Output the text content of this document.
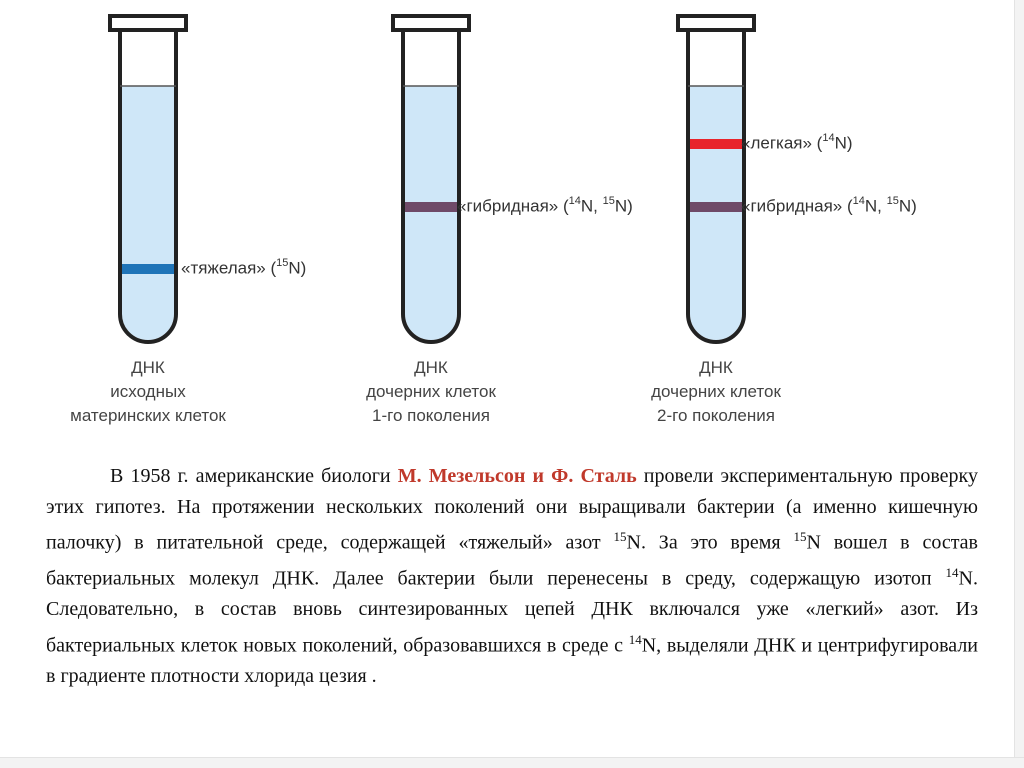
«тяжелая» ($^{15}$N)
«гибридная» ($^{14}$N, $^{15}$N)
«легкая» ($^{14}$N)
«гибридная» ($^{14}$N, $^{15}$N)
ДНК
исходных
материнских клеток
ДНК
дочерних клеток
1-го поколения
ДНК
дочерних клеток
2-го поколения
В 1958 г. американские биологи М. Мезельсон и Ф. Сталь провели экспериментальную проверку этих гипотез. На протяжении нескольких поколений они выращивали бактерии (а именно кишечную палочку) в питательной среде, содержащей «тяжелый» азот $^{15}$N. За это время $^{15}$N вошел в состав бактериальных молекул ДНК. Далее бактерии были перенесены в среду, содержащую изотоп $^{14}$N. Следовательно, в состав вновь синтезированных цепей ДНК включался уже «легкий» азот. Из бактериальных клеток новых поколений, образовавшихся в среде с $^{14}$N, выделяли ДНК и центрифугировали в градиенте плотности хлорида цезия .
